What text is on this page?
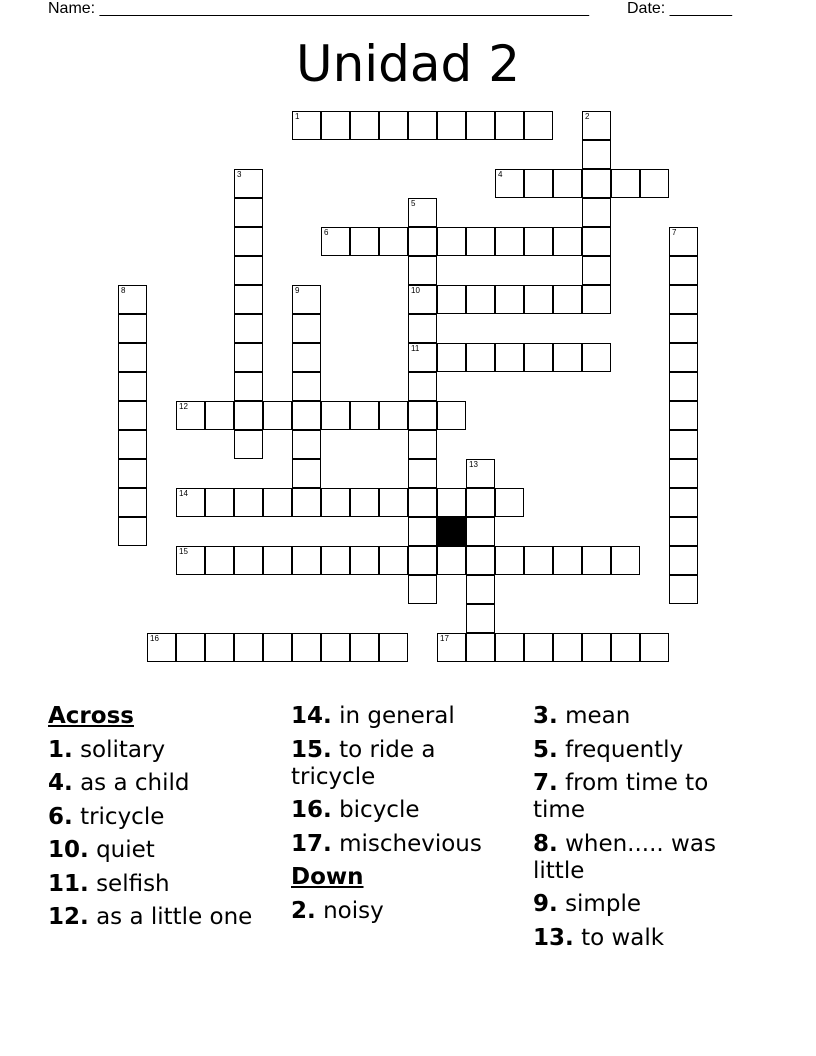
Name: _______________________________________________________ Date: _______
Unidad 2
1	2
3	4
5
10
11
6	7
8	9
12
13
14
15
16	17
Across
1. solitary
4. as a child
6. tricycle
10. quiet
11. selfish
12. as a little one
14. in general
15. to ride a tricycle
16. bicycle
17. mischevious
Down
2. noisy
3. mean
5. frequently
7. from time to time
8. when..... was little
9. simple
13. to walk
